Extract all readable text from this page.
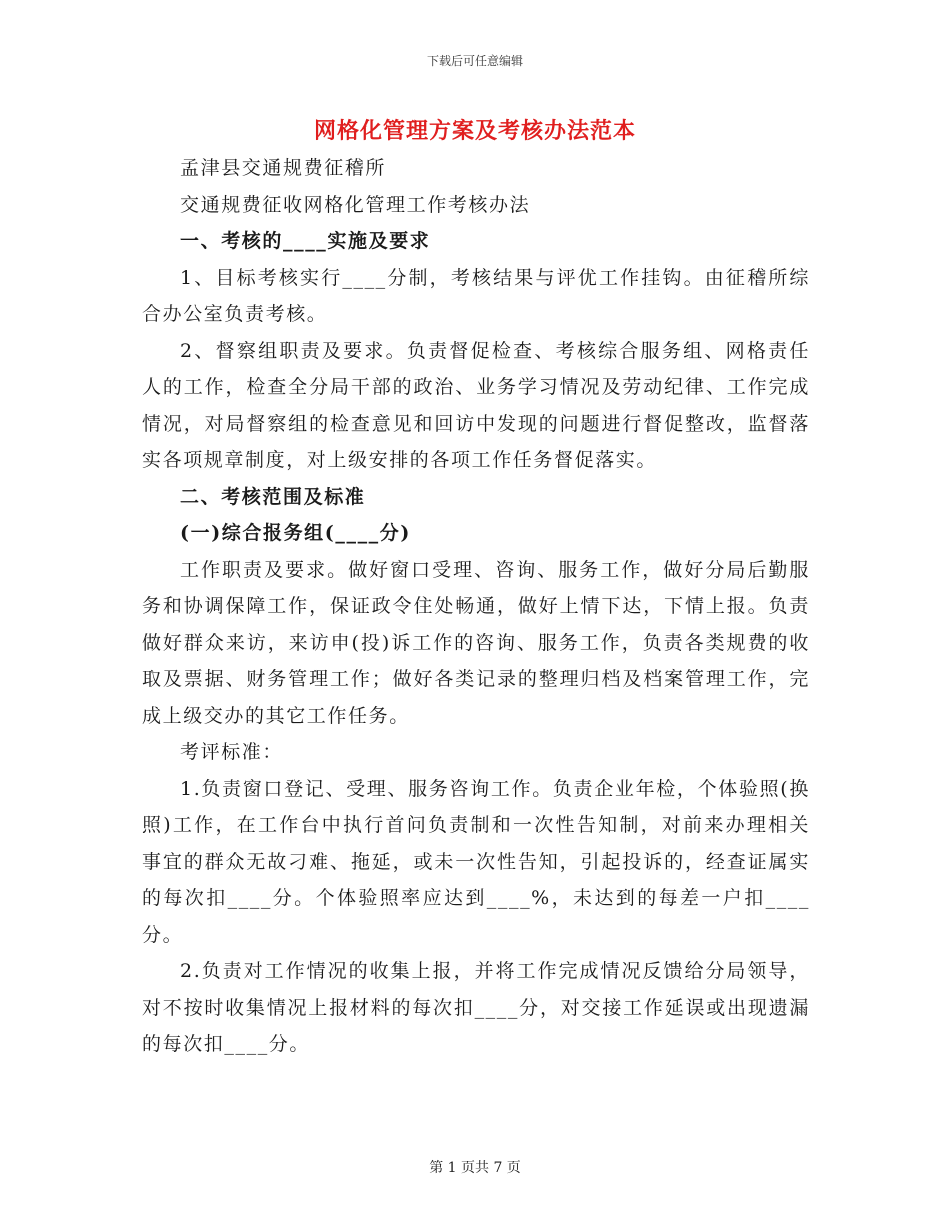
下载后可任意编辑
网格化管理方案及考核办法范本

孟津县交通规费征稽所

交通规费征收网格化管理工作考核办法

一、考核的____实施及要求

1、目标考核实行____分制，考核结果与评优工作挂钩。由征稽所综合办公室负责考核。

2、督察组职责及要求。负责督促检查、考核综合服务组、网格责任人的工作，检查全分局干部的政治、业务学习情况及劳动纪律、工作完成情况，对局督察组的检查意见和回访中发现的问题进行督促整改，监督落实各项规章制度，对上级安排的各项工作任务督促落实。

二、考核范围及标准

(一)综合报务组(____分)

工作职责及要求。做好窗口受理、咨询、服务工作，做好分局后勤服务和协调保障工作，保证政令住处畅通，做好上情下达，下情上报。负责做好群众来访，来访申(投)诉工作的咨询、服务工作，负责各类规费的收取及票据、财务管理工作；做好各类记录的整理归档及档案管理工作，完成上级交办的其它工作任务。

考评标准：

1.负责窗口登记、受理、服务咨询工作。负责企业年检，个体验照(换照)工作，在工作台中执行首问负责制和一次性告知制，对前来办理相关事宜的群众无故刁难、拖延，或未一次性告知，引起投诉的，经查证属实的每次扣____分。个体验照率应达到____%，未达到的每差一户扣____分。

2.负责对工作情况的收集上报，并将工作完成情况反馈给分局领导，对不按时收集情况上报材料的每次扣____分，对交接工作延误或出现遗漏的每次扣____分。

第 1 页共 7 页
